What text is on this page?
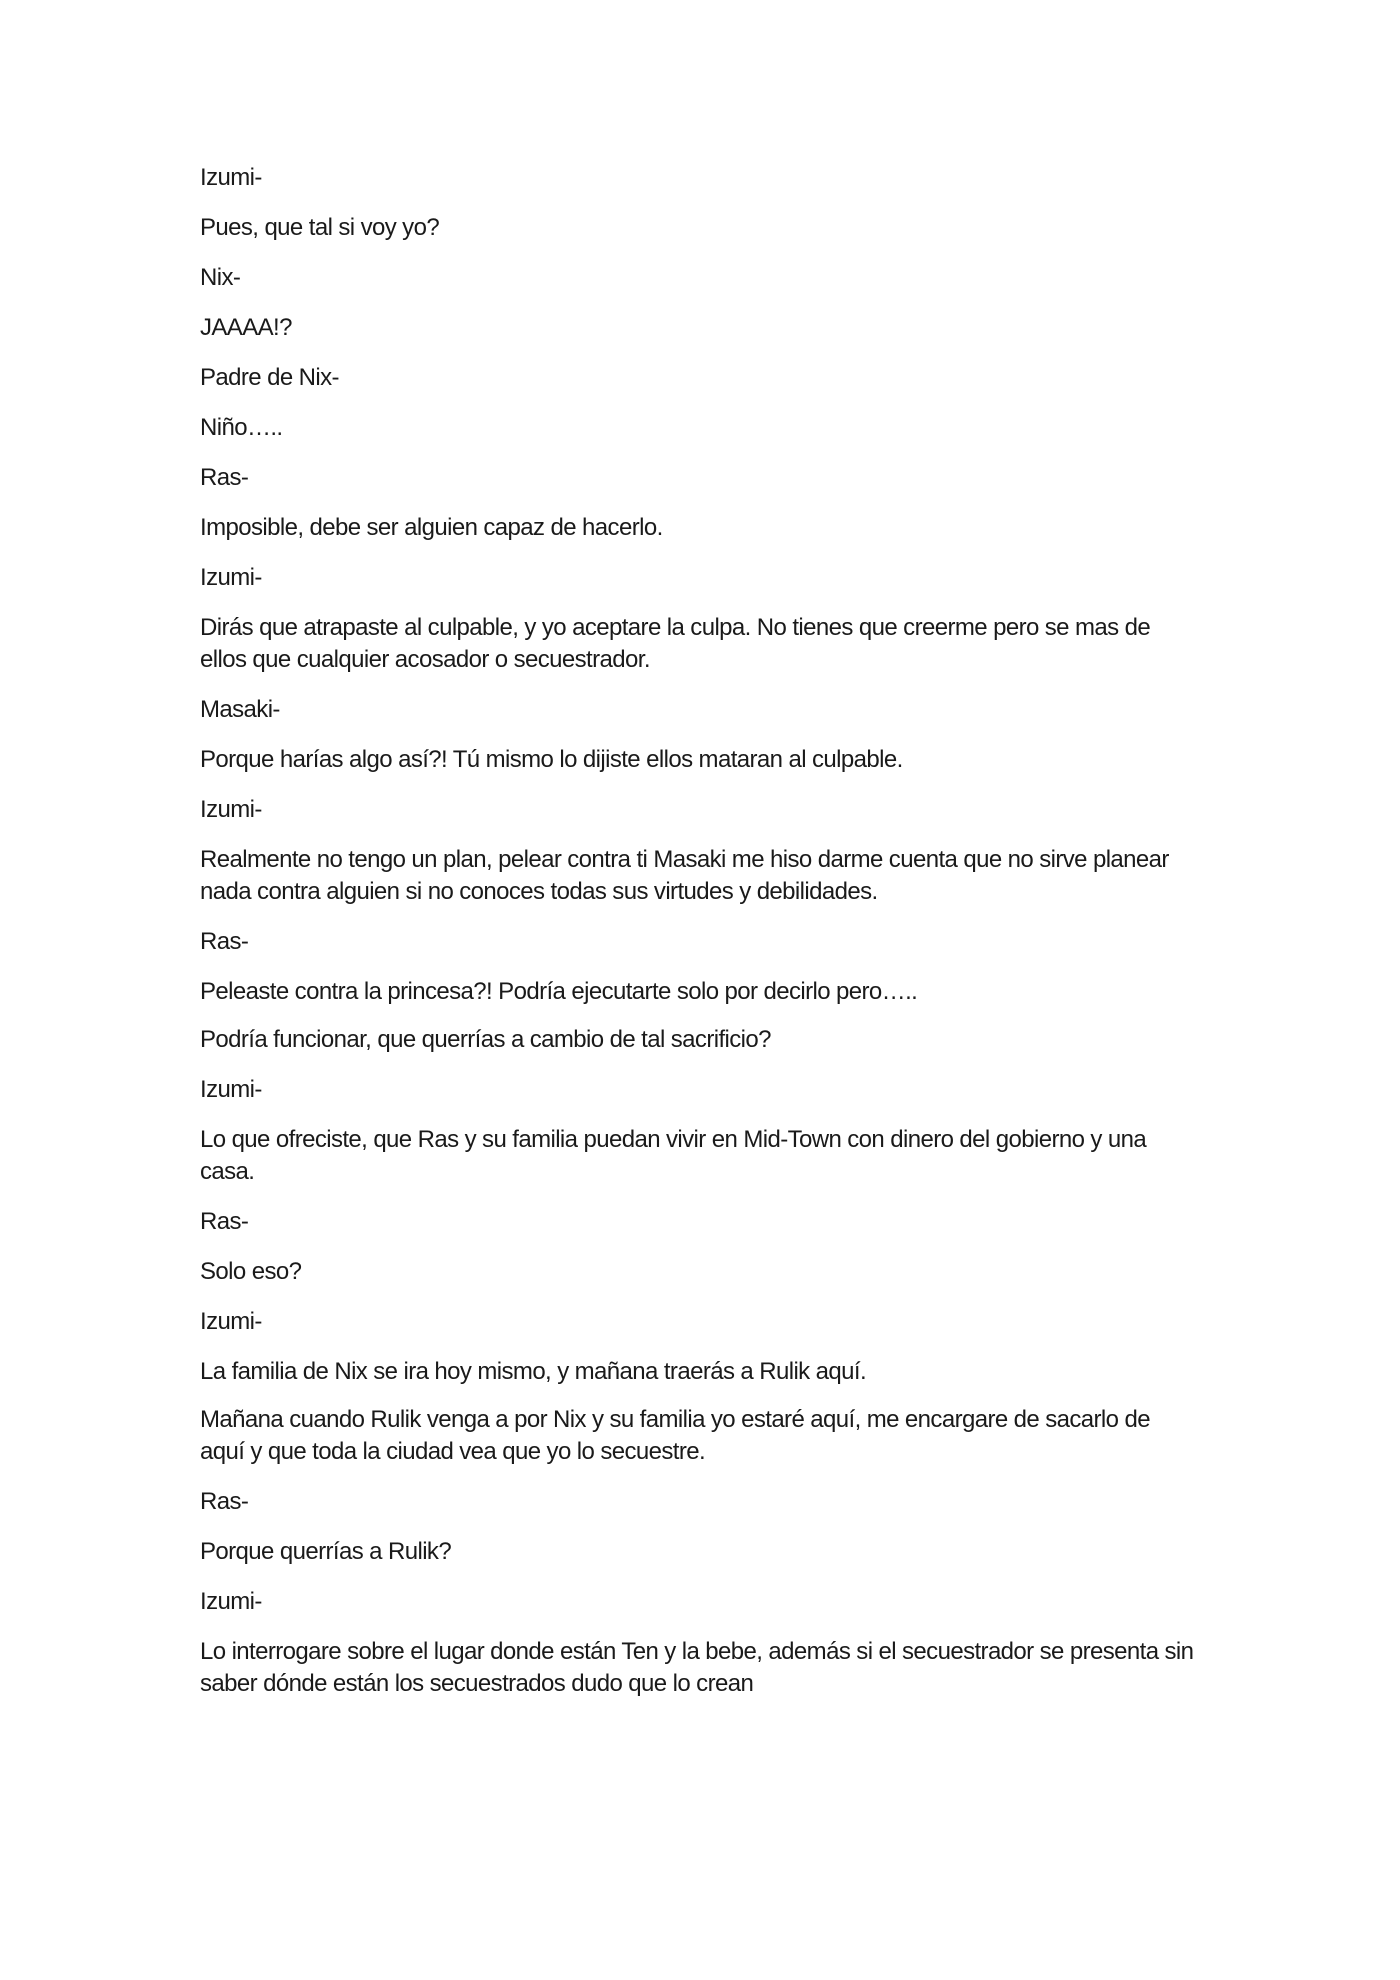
Izumi-

Pues, que tal si voy yo?

Nix-

JAAAA!?

Padre de Nix-

Niño…..

Ras-

Imposible, debe ser alguien capaz de hacerlo.

Izumi-

Dirás que atrapaste al culpable, y yo aceptare la culpa. No tienes que creerme pero se mas de ellos que cualquier acosador o secuestrador.

Masaki-

Porque harías algo así?! Tú mismo lo dijiste ellos mataran al culpable.

Izumi-

Realmente no tengo un plan, pelear contra ti Masaki me hiso darme cuenta que no sirve planear nada contra alguien si no conoces todas sus virtudes y debilidades.

Ras-

Peleaste contra la princesa?! Podría ejecutarte solo por decirlo pero…..

Podría funcionar, que querrías a cambio de tal sacrificio?

Izumi-

Lo que ofreciste, que Ras y su familia puedan vivir en Mid-Town con dinero del gobierno y una casa.

Ras-

Solo eso?

Izumi-

La familia de Nix se ira hoy mismo, y mañana traerás a Rulik aquí.

Mañana cuando Rulik venga a por Nix y su familia yo estaré aquí, me encargare de sacarlo de aquí y que toda la ciudad vea que yo lo secuestre.

Ras-

Porque querrías a Rulik?

Izumi-

Lo interrogare sobre el lugar donde están Ten y la bebe, además si el secuestrador se presenta sin saber dónde están los secuestrados dudo que lo crean
